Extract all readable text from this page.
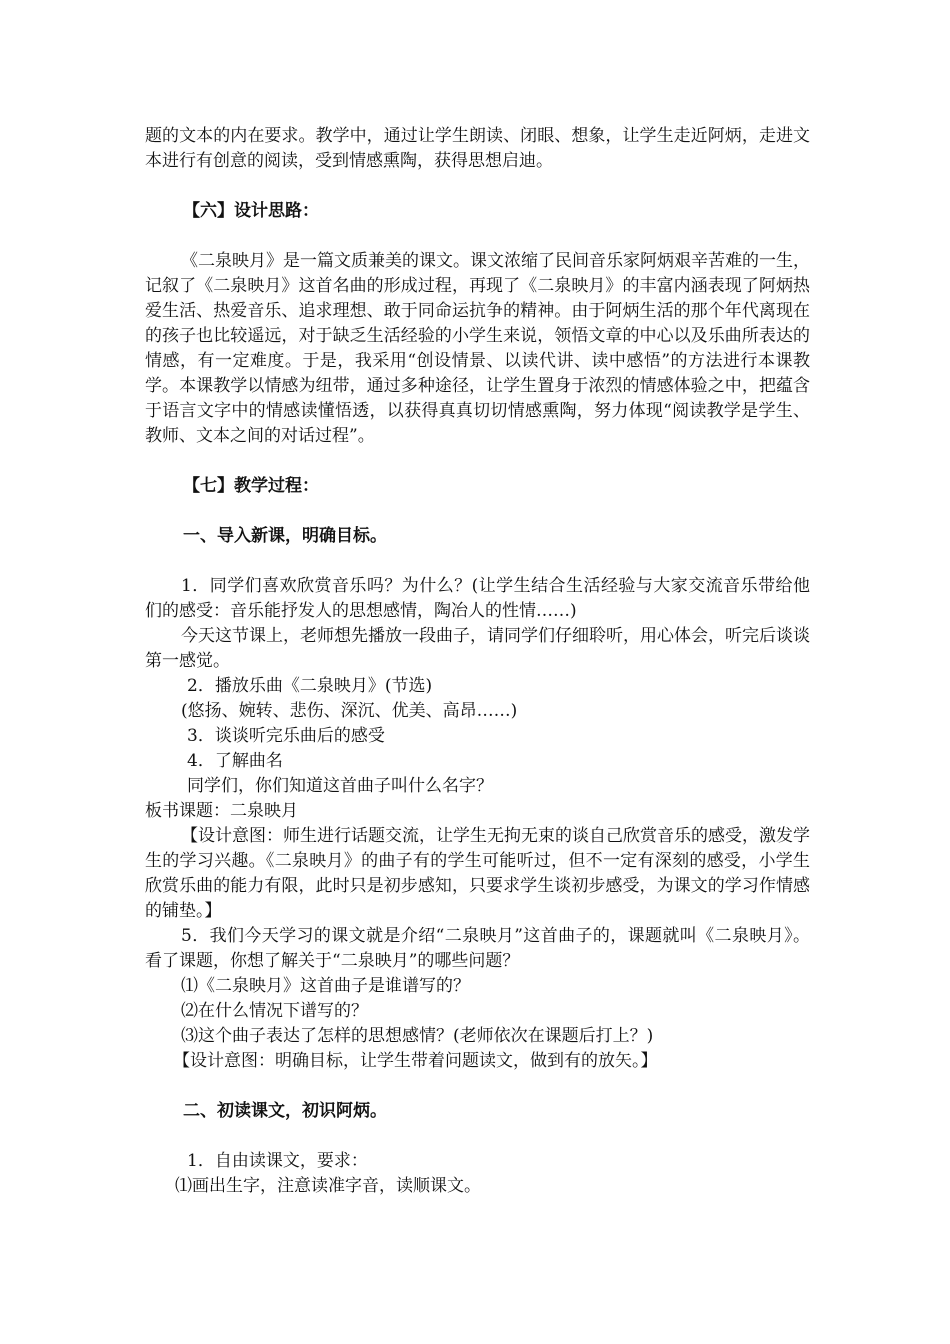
题的文本的内在要求。教学中，通过让学生朗读、闭眼、想象，让学生走近阿炳，走进文本进行有创意的阅读，受到情感熏陶，获得思想启迪。

【六】设计思路：

《二泉映月》是一篇文质兼美的课文。课文浓缩了民间音乐家阿炳艰辛苦难的一生，记叙了《二泉映月》这首名曲的形成过程，再现了《二泉映月》的丰富内涵表现了阿炳热爱生活、热爱音乐、追求理想、敢于同命运抗争的精神。由于阿炳生活的那个年代离现在的孩子也比较遥远，对于缺乏生活经验的小学生来说，领悟文章的中心以及乐曲所表达的情感，有一定难度。于是，我采用“创设情景、以读代讲、读中感悟”的方法进行本课教学。本课教学以情感为纽带，通过多种途径，让学生置身于浓烈的情感体验之中，把蕴含于语言文字中的情感读懂悟透，以获得真真切切情感熏陶，努力体现“阅读教学是学生、教师、文本之间的对话过程”。

【七】教学过程：

一、导入新课，明确目标。

1．同学们喜欢欣赏音乐吗？为什么？(让学生结合生活经验与大家交流音乐带给他们的感受：音乐能抒发人的思想感情，陶冶人的性情……)

今天这节课上，老师想先播放一段曲子，请同学们仔细聆听，用心体会，听完后谈谈第一感觉。

2．播放乐曲《二泉映月》(节选)

(悠扬、婉转、悲伤、深沉、优美、高昂……)

3．谈谈听完乐曲后的感受

4．了解曲名

同学们，你们知道这首曲子叫什么名字？

板书课题：二泉映月

【设计意图：师生进行话题交流，让学生无拘无束的谈自己欣赏音乐的感受，激发学生的学习兴趣。《二泉映月》的曲子有的学生可能听过，但不一定有深刻的感受，小学生欣赏乐曲的能力有限，此时只是初步感知，只要求学生谈初步感受，为课文的学习作情感的铺垫。】

5．我们今天学习的课文就是介绍“二泉映月”这首曲子的，课题就叫《二泉映月》。看了课题，你想了解关于“二泉映月”的哪些问题？

⑴《二泉映月》这首曲子是谁谱写的？

⑵在什么情况下谱写的？

⑶这个曲子表达了怎样的思想感情？(老师依次在课题后打上？)

【设计意图：明确目标，让学生带着问题读文，做到有的放矢。】

二、初读课文，初识阿炳。

1．自由读课文，要求：

⑴画出生字，注意读准字音，读顺课文。
